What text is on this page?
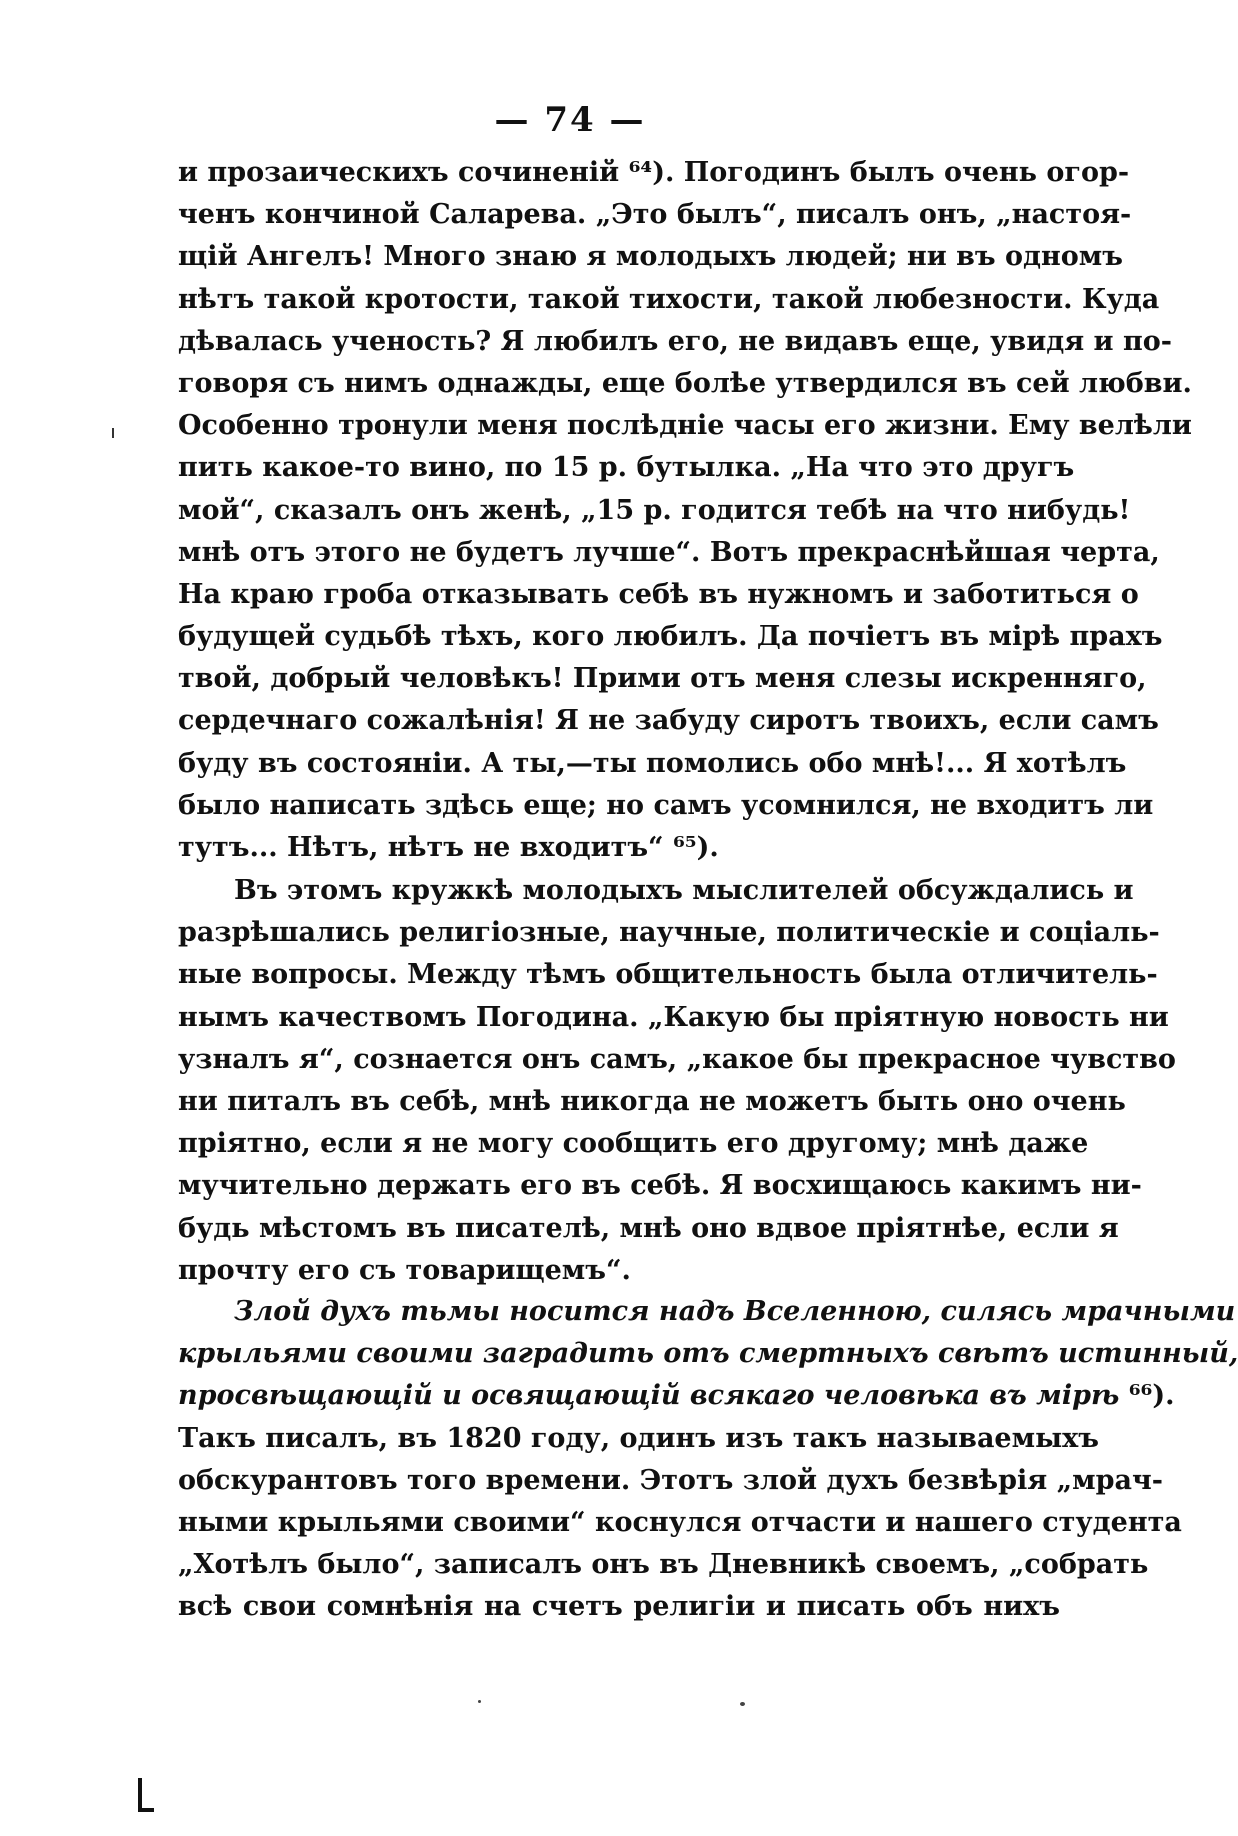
— 74 —
и прозаическихъ сочиненій ⁶⁴). Погодинъ былъ очень огор-
ченъ кончиной Саларева. „Это былъ“, писалъ онъ, „настоя-
щій Ангелъ! Много знаю я молодыхъ людей; ни въ одномъ
нѣтъ такой кротости, такой тихости, такой любезности. Куда
дѣвалась ученость? Я любилъ его, не видавъ еще, увидя и по-
говоря съ нимъ однажды, еще болѣе утвердился въ сей любви.
Особенно тронули меня послѣдніе часы его жизни. Ему велѣли
пить какое-то вино, по 15 р. бутылка. „На что это другъ
мой“, сказалъ онъ женѣ, „15 р. годится тебѣ на что нибудь!
мнѣ отъ этого не будетъ лучше“. Вотъ прекраснѣйшая черта,
На краю гроба отказывать себѣ въ нужномъ и заботиться о
будущей судьбѣ тѣхъ, кого любилъ. Да почіетъ въ мірѣ прахъ
твой, добрый человѣкъ! Прими отъ меня слезы искренняго,
сердечнаго сожалѣнія! Я не забуду сиротъ твоихъ, если самъ
буду въ состояніи. А ты,—ты помолись обо мнѣ!... Я хотѣлъ
было написать здѣсь еще; но самъ усомнился, не входитъ ли
тутъ... Нѣтъ, нѣтъ не входитъ“ ⁶⁵).
Въ этомъ кружкѣ молодыхъ мыслителей обсуждались и
разрѣшались религіозные, научные, политическіе и соціаль-
ные вопросы. Между тѣмъ общительность была отличитель-
нымъ качествомъ Погодина. „Какую бы пріятную новость ни
узналъ я“, сознается онъ самъ, „какое бы прекрасное чувство
ни питалъ въ себѣ, мнѣ никогда не можетъ быть оно очень
пріятно, если я не могу сообщить его другому; мнѣ даже
мучительно держать его въ себѣ. Я восхищаюсь какимъ ни-
будь мѣстомъ въ писателѣ, мнѣ оно вдвое пріятнѣе, если я
прочту его съ товарищемъ“.
Злой духъ тьмы носится надъ Вселенною, силясь мрачными
крыльями своими заградить отъ смертныхъ свѣтъ истинный,
просвѣщающій и освящающій всякаго человѣка въ мірѣ ⁶⁶).
Такъ писалъ, въ 1820 году, одинъ изъ такъ называемыхъ
обскурантовъ того времени. Этотъ злой духъ безвѣрія „мрач-
ными крыльями своими“ коснулся отчасти и нашего студента
„Хотѣлъ было“, записалъ онъ въ Дневникѣ своемъ, „собрать
всѣ свои сомнѣнія на счетъ религіи и писать объ нихъ
